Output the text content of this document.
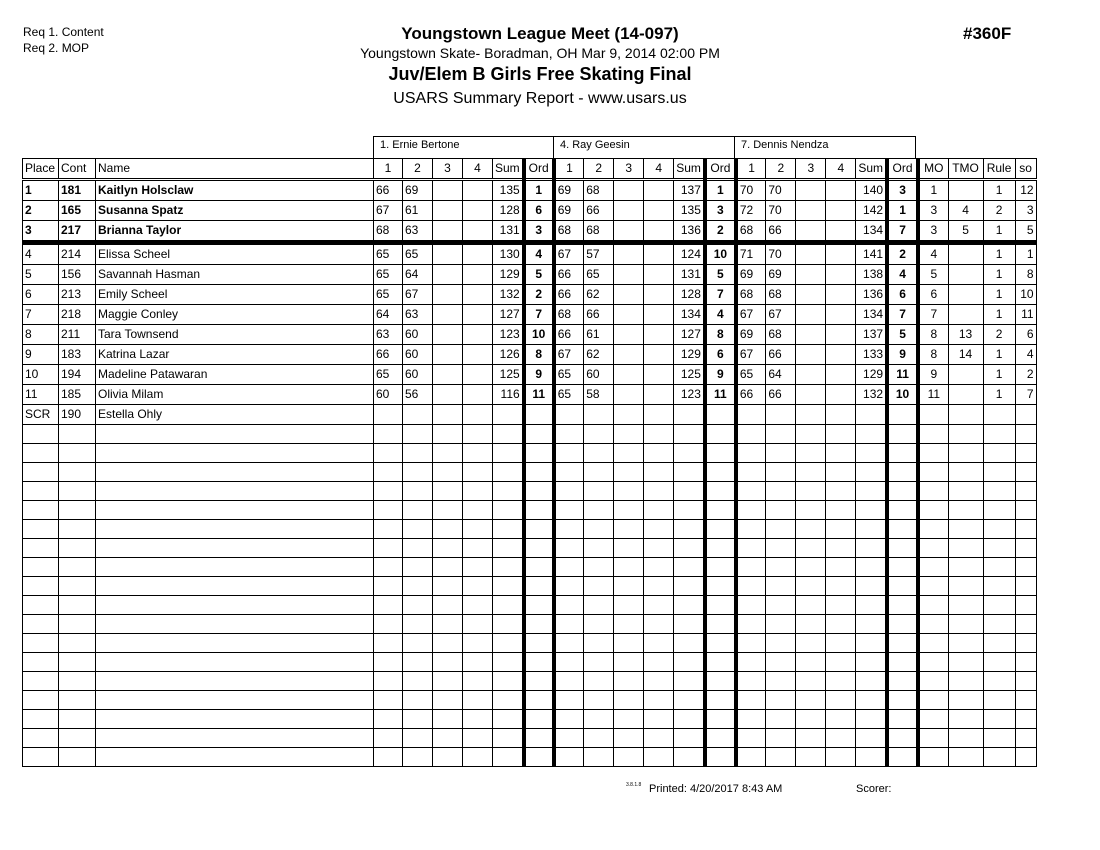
Req 1. Content
Req 2. MOP
Youngstown League Meet (14-097)
Youngstown Skate- Boradman, OH Mar 9, 2014 02:00 PM
Juv/Elem B Girls Free Skating Final
USARS Summary Report - www.usars.us
#360F
1. Ernie Bertone	4. Ray Geesin	7. Dennis Nendza
Place	Cont	Name	1	2	3	4	Sum	Ord	1	2	3	4	Sum	Ord	1	2	3	4	Sum	Ord	MO	TMO	Rule	so
1	181	Kaitlyn Holsclaw	66	69			135	1	69	68			137	1	70	70			140	3	1		1	12
2	165	Susanna Spatz	67	61			128	6	69	66			135	3	72	70			142	1	3	4	2	3
3	217	Brianna Taylor	68	63			131	3	68	68			136	2	68	66			134	7	3	5	1	5
4	214	Elissa Scheel	65	65			130	4	67	57			124	10	71	70			141	2	4		1	1
5	156	Savannah Hasman	65	64			129	5	66	65			131	5	69	69			138	4	5		1	8
6	213	Emily Scheel	65	67			132	2	66	62			128	7	68	68			136	6	6		1	10
7	218	Maggie Conley	64	63			127	7	68	66			134	4	67	67			134	7	7		1	11
8	211	Tara Townsend	63	60			123	10	66	61			127	8	69	68			137	5	8	13	2	6
9	183	Katrina Lazar	66	60			126	8	67	62			129	6	67	66			133	9	8	14	1	4
10	194	Madeline Patawaran	65	60			125	9	65	60			125	9	65	64			129	11	9		1	2
11	185	Olivia Milam	60	56			116	11	65	58			123	11	66	66			132	10	11		1	7
SCR	190	Estella Ohly																						

3.8.1.8 Printed: 4/20/2017 8:43 AM	Scorer:
